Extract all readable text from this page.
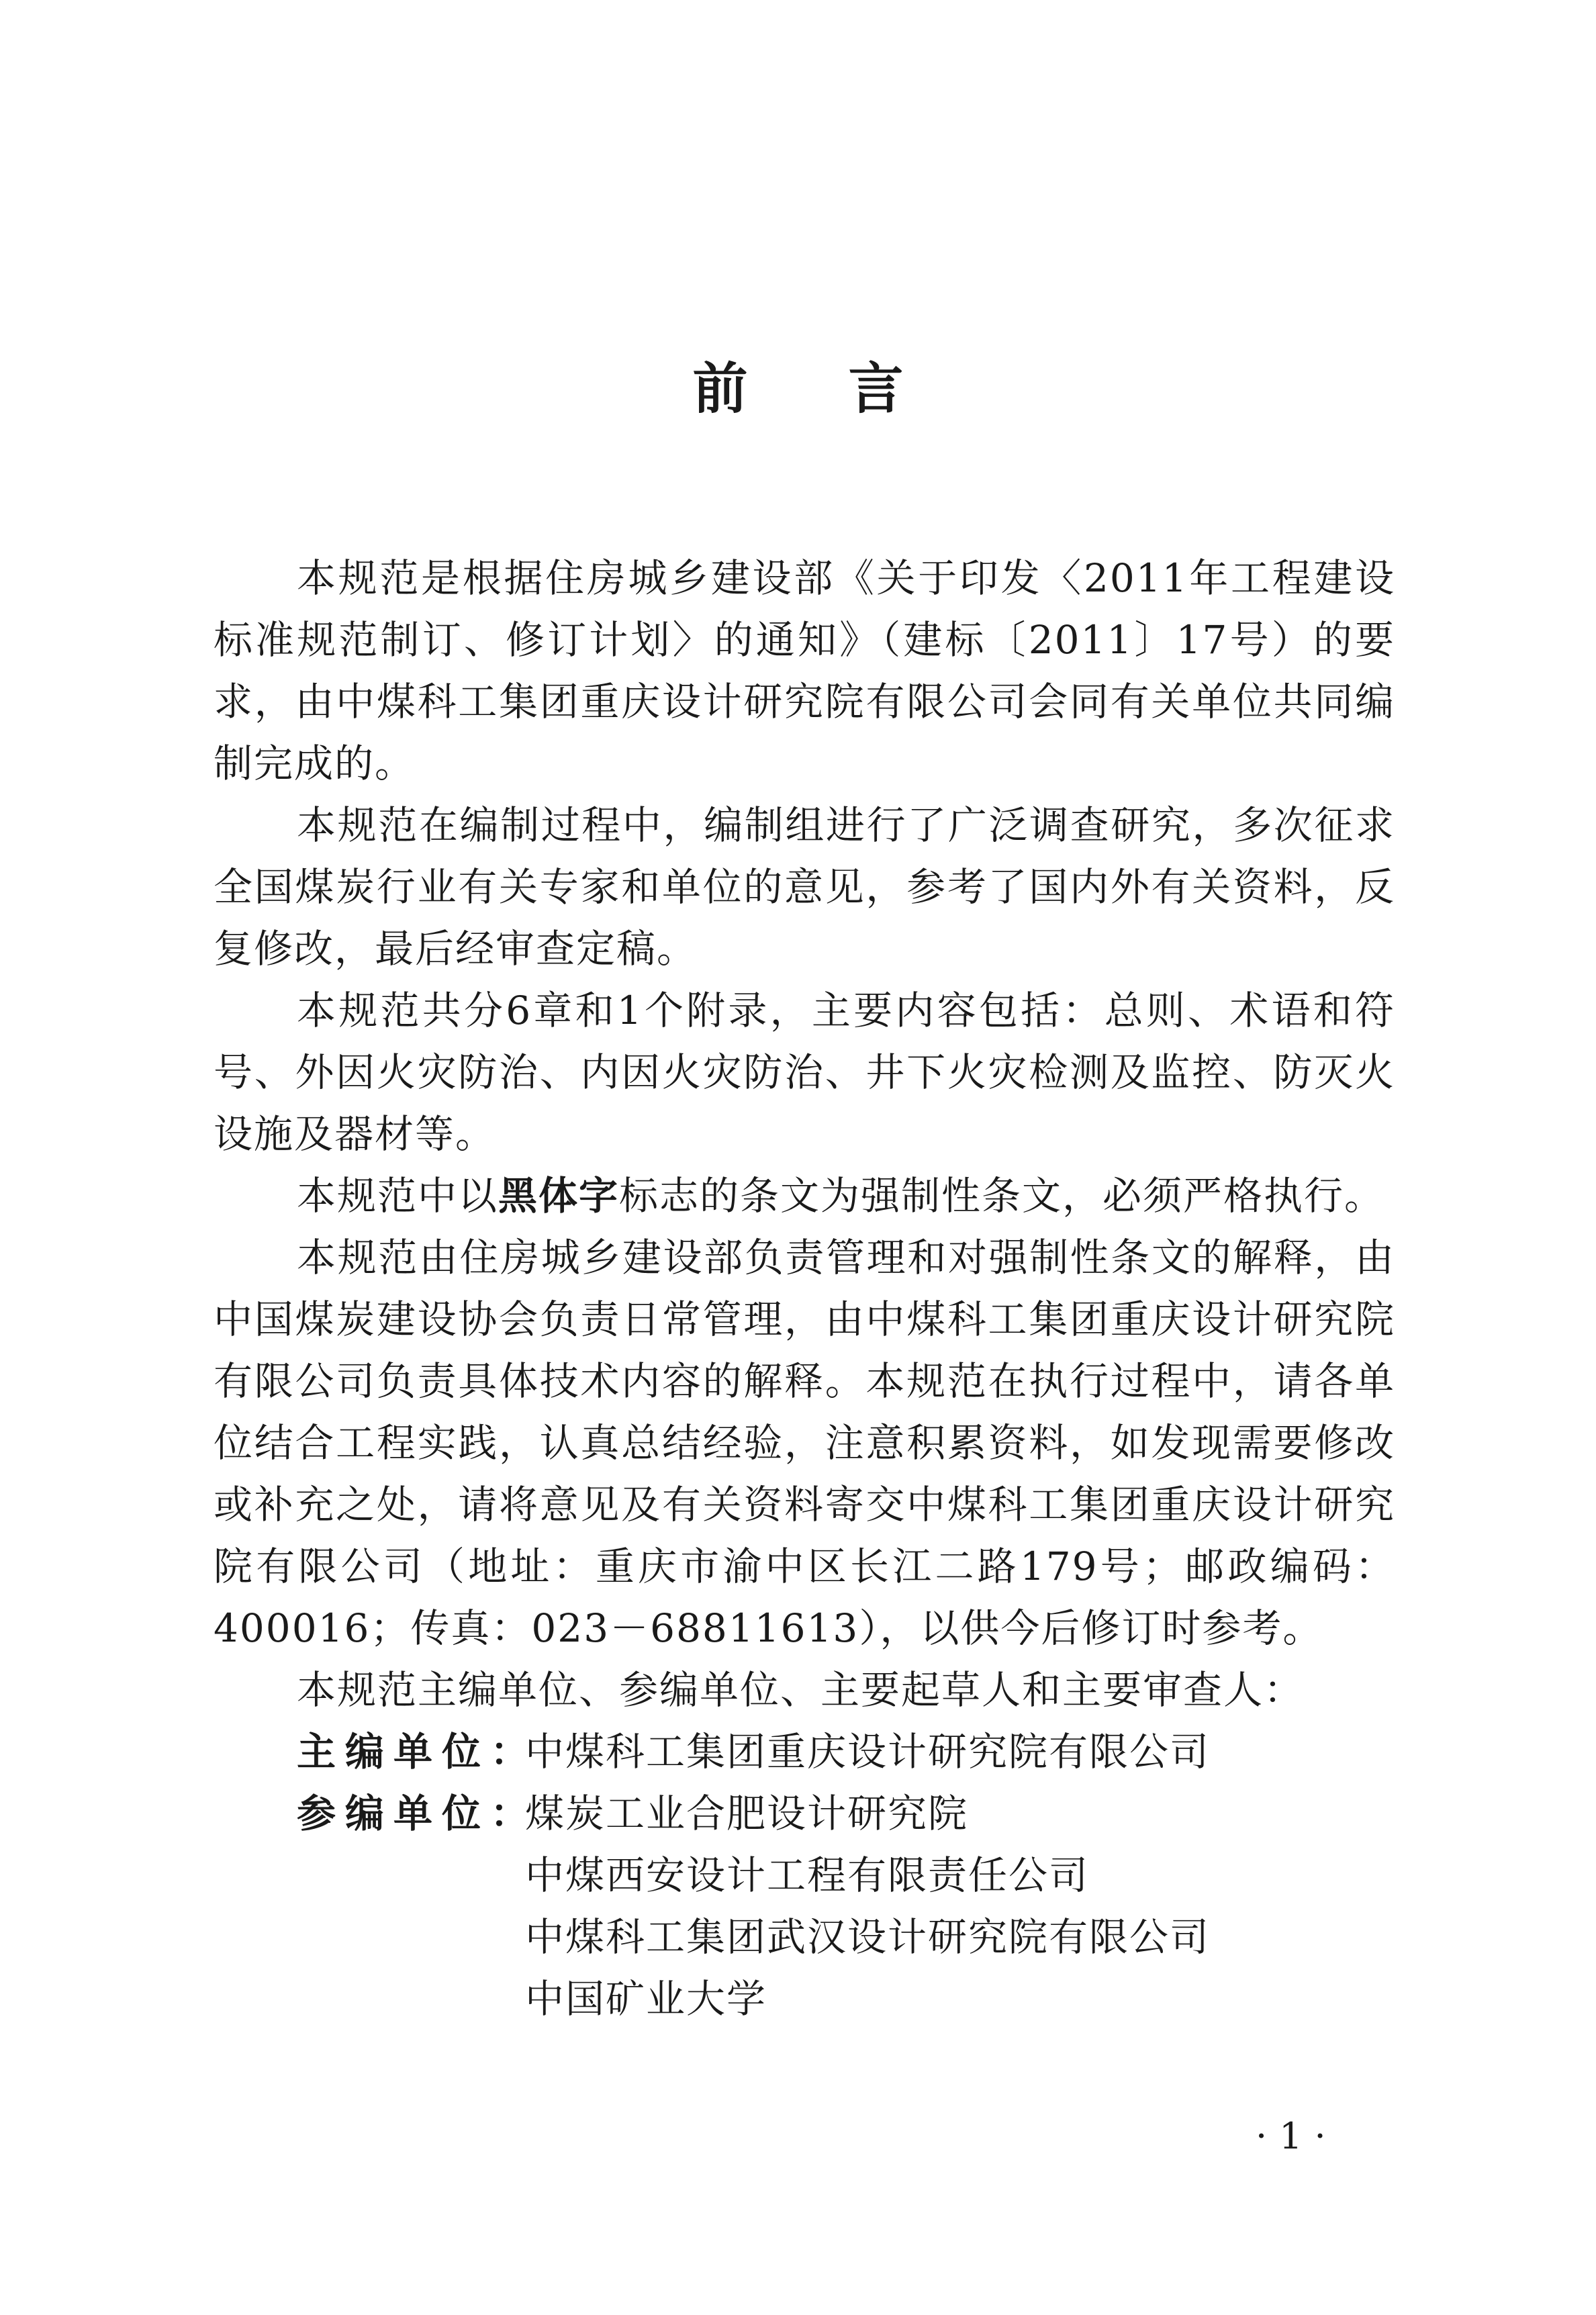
前言

本规范是根据住房城乡建设部《关于印发〈2011年工程建设标准规范制订、修订计划〉的通知》（建标〔2011〕17号）的要求，由中煤科工集团重庆设计研究院有限公司会同有关单位共同编制完成的。

本规范在编制过程中，编制组进行了广泛调查研究，多次征求全国煤炭行业有关专家和单位的意见，参考了国内外有关资料，反复修改，最后经审查定稿。

本规范共分6章和1个附录，主要内容包括：总则、术语和符号、外因火灾防治、内因火灾防治、井下火灾检测及监控、防灭火设施及器材等。

本规范中以黑体字标志的条文为强制性条文，必须严格执行。

本规范由住房城乡建设部负责管理和对强制性条文的解释，由中国煤炭建设协会负责日常管理，由中煤科工集团重庆设计研究院有限公司负责具体技术内容的解释。本规范在执行过程中，请各单位结合工程实践，认真总结经验，注意积累资料，如发现需要修改或补充之处，请将意见及有关资料寄交中煤科工集团重庆设计研究院有限公司（地址：重庆市渝中区长江二路179号；邮政编码：400016；传真：023－68811613），以供今后修订时参考。

本规范主编单位、参编单位、主要起草人和主要审查人：

主编单位：
中煤科工集团重庆设计研究院有限公司
参编单位：
煤炭工业合肥设计研究院
中煤西安设计工程有限责任公司
中煤科工集团武汉设计研究院有限公司
中国矿业大学
·1·
